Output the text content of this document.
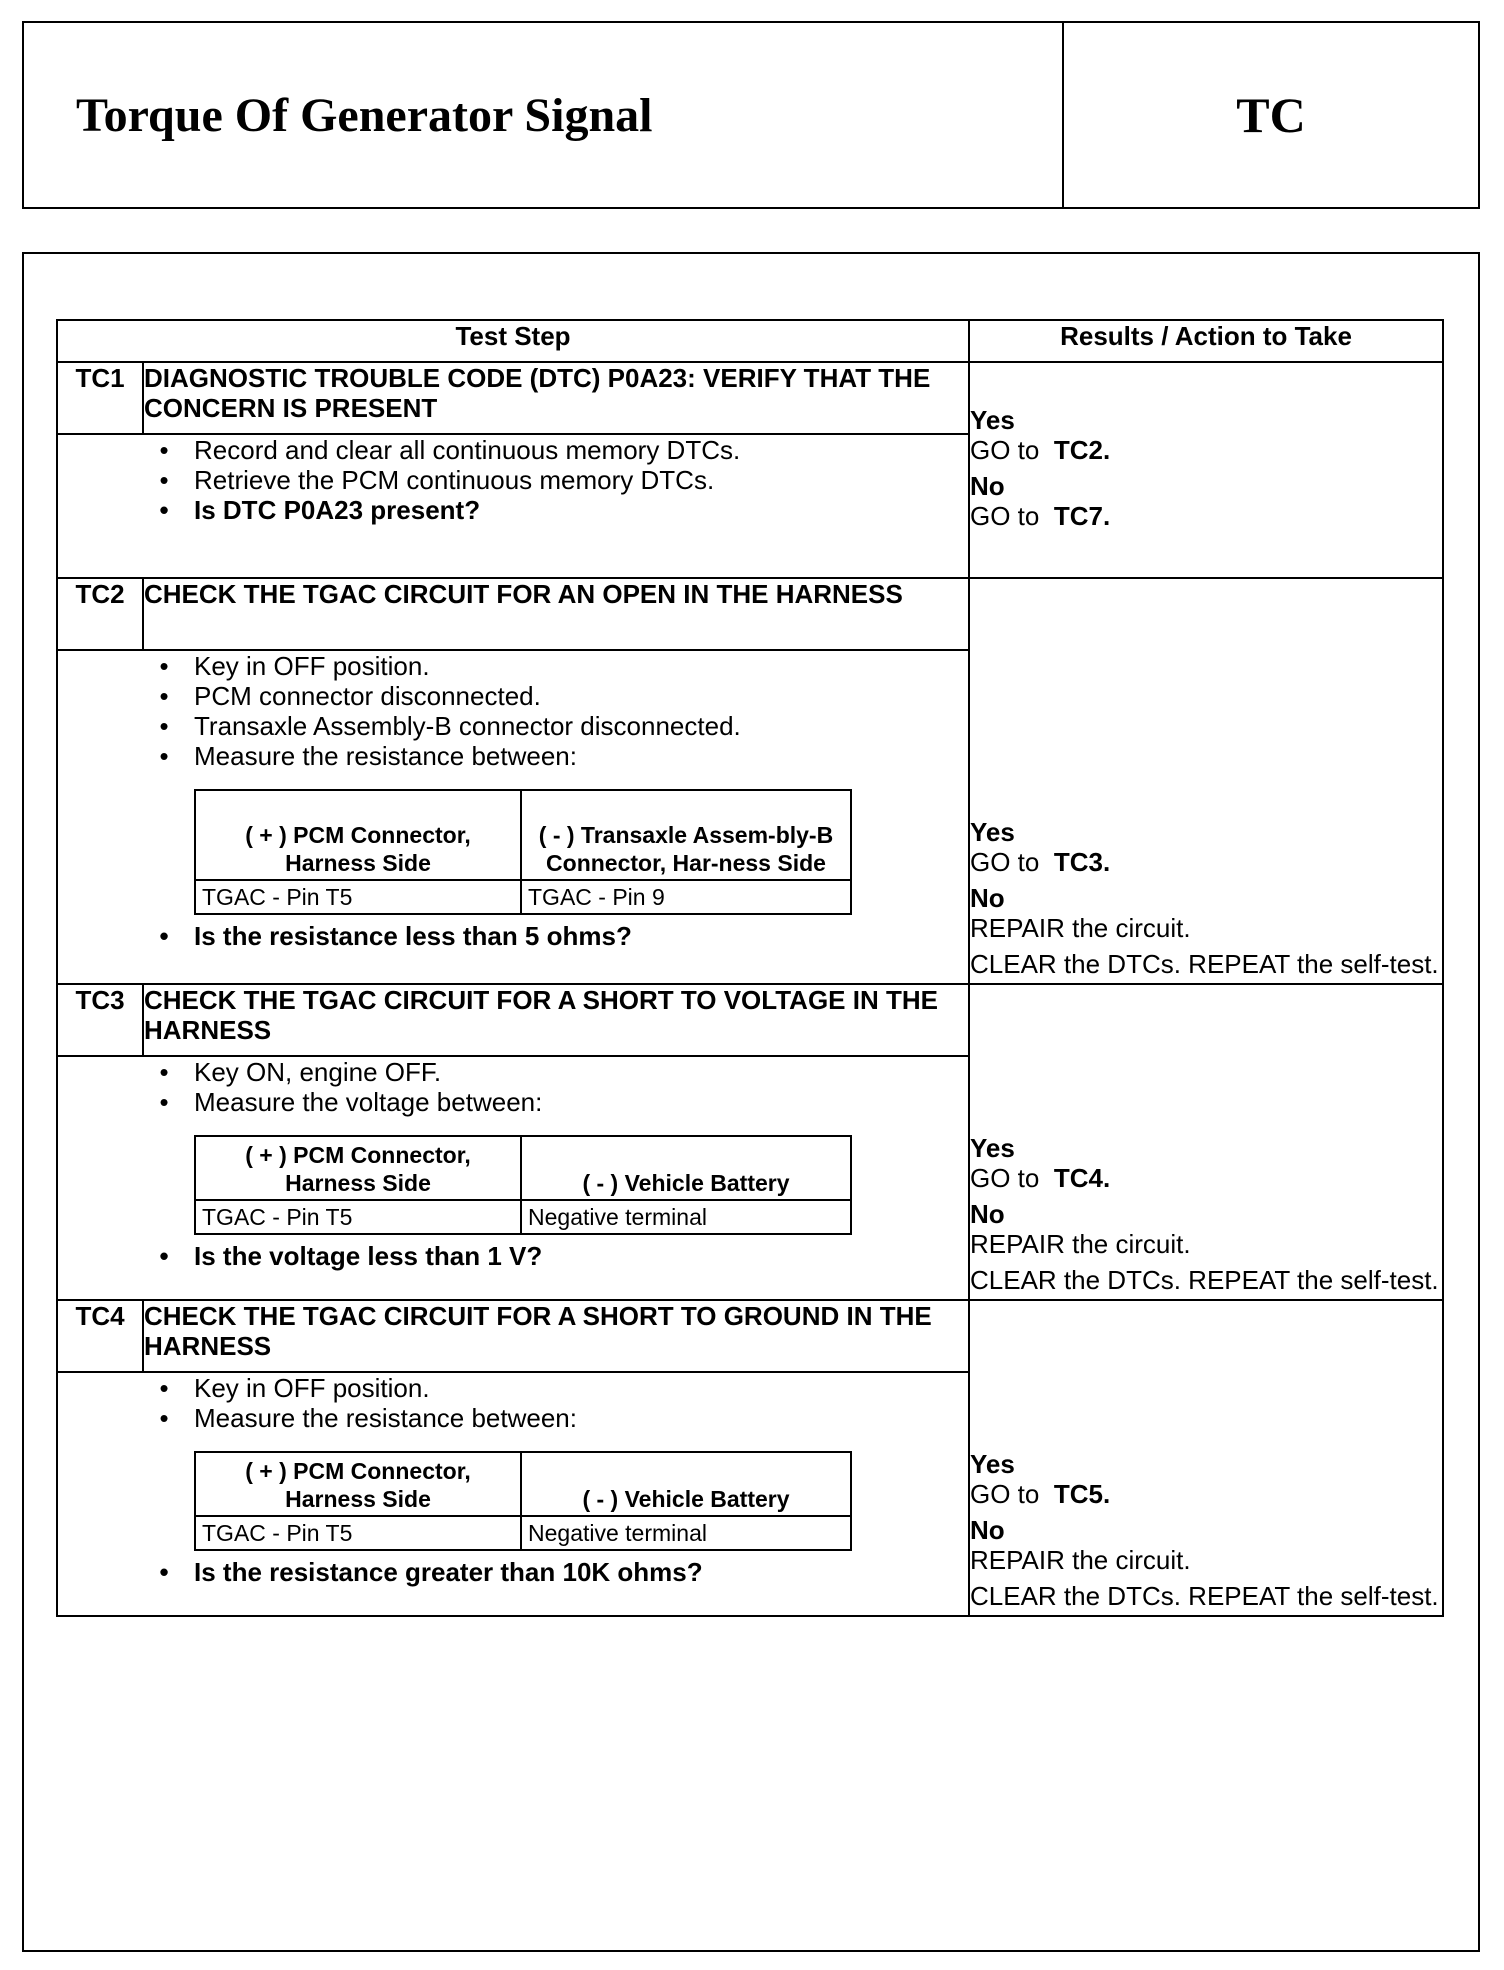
Torque Of Generator Signal	TC
Test Step	Results / Action to Take
TC1	DIAGNOSTIC TROUBLE CODE (DTC) P0A23: VERIFY THAT THE CONCERN IS PRESENT	Yes
GO to TC2.
No
GO to TC7.

• Record and clear all continuous memory DTCs.
• Retrieve the PCM continuous memory DTCs.
• Is DTC P0A23 present?

TC2	CHECK THE TGAC CIRCUIT FOR AN OPEN IN THE HARNESS	
Yes
GO to TC3.
No
REPAIR the circuit.
CLEAR the DTCs. REPEAT the self-test.

• Key in OFF position.
• PCM connector disconnected.
• Transaxle Assembly-B connector disconnected.
• Measure the resistance between:
( + ) PCM Connector, Harness Side	( - ) Transaxle Assem-bly-B Connector, Har-ness Side
TGAC - Pin T5	TGAC - Pin 9
• Is the resistance less than 5 ohms?

TC3	CHECK THE TGAC CIRCUIT FOR A SHORT TO VOLTAGE IN THE HARNESS	
Yes
GO to TC4.
No
REPAIR the circuit.
CLEAR the DTCs. REPEAT the self-test.

• Key ON, engine OFF.
• Measure the voltage between:
( + ) PCM Connector, Harness Side	( - ) Vehicle Battery
TGAC - Pin T5	Negative terminal
• Is the voltage less than 1 V?

TC4	CHECK THE TGAC CIRCUIT FOR A SHORT TO GROUND IN THE HARNESS	
Yes
GO to TC5.
No
REPAIR the circuit.
CLEAR the DTCs. REPEAT the self-test.

• Key in OFF position.
• Measure the resistance between:
( + ) PCM Connector, Harness Side	( - ) Vehicle Battery
TGAC - Pin T5	Negative terminal
• Is the resistance greater than 10K ohms?
